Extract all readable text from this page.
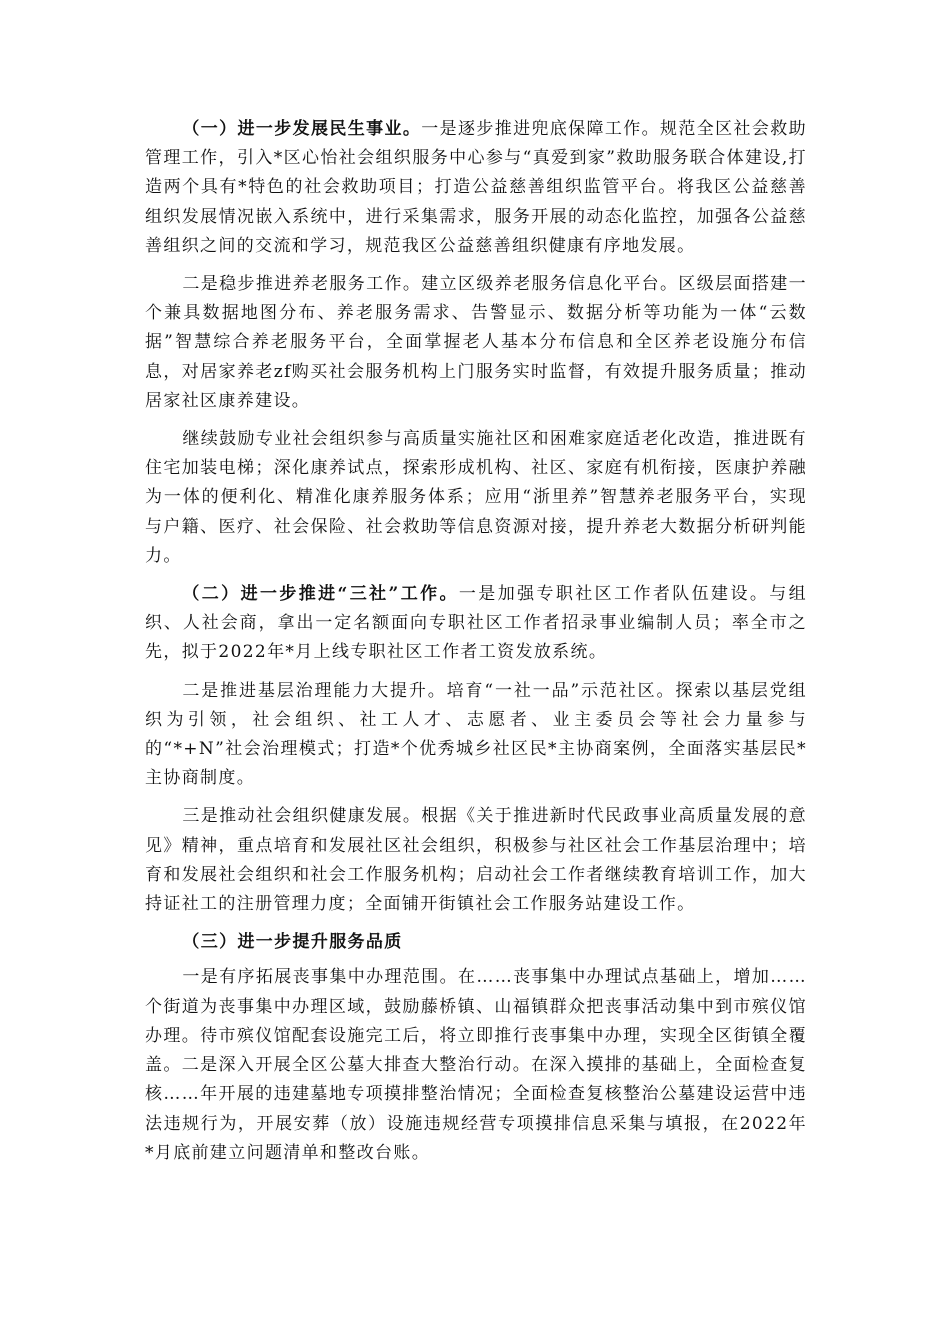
（一）进一步发展民生事业。一是逐步推进兜底保障工作。规范全区社会救助管理工作，引入*区心怡社会组织服务中心参与“真爱到家”救助服务联合体建设,打造两个具有*特色的社会救助项目；打造公益慈善组织监管平台。将我区公益慈善组织发展情况嵌入系统中，进行采集需求，服务开展的动态化监控，加强各公益慈善组织之间的交流和学习，规范我区公益慈善组织健康有序地发展。

二是稳步推进养老服务工作。建立区级养老服务信息化平台。区级层面搭建一个兼具数据地图分布、养老服务需求、告警显示、数据分析等功能为一体“云数据”智慧综合养老服务平台，全面掌握老人基本分布信息和全区养老设施分布信息，对居家养老zf购买社会服务机构上门服务实时监督，有效提升服务质量；推动居家社区康养建设。

继续鼓励专业社会组织参与高质量实施社区和困难家庭适老化改造，推进既有住宅加装电梯；深化康养试点，探索形成机构、社区、家庭有机衔接，医康护养融为一体的便利化、精准化康养服务体系；应用“浙里养”智慧养老服务平台，实现与户籍、医疗、社会保险、社会救助等信息资源对接，提升养老大数据分析研判能力。

（二）进一步推进“三社”工作。一是加强专职社区工作者队伍建设。与组织、人社会商，拿出一定名额面向专职社区工作者招录事业编制人员；率全市之先，拟于2022年*月上线专职社区工作者工资发放系统。

二是推进基层治理能力大提升。培育“一社一品”示范社区。探索以基层党组织为引领，社会组织、社工人才、志愿者、业主委员会等社会力量参与的“*+N”社会治理模式；打造*个优秀城乡社区民*主协商案例，全面落实基层民*主协商制度。

三是推动社会组织健康发展。根据《关于推进新时代民政事业高质量发展的意见》精神，重点培育和发展社区社会组织，积极参与社区社会工作基层治理中；培育和发展社会组织和社会工作服务机构；启动社会工作者继续教育培训工作，加大持证社工的注册管理力度；全面铺开街镇社会工作服务站建设工作。

（三）进一步提升服务品质

一是有序拓展丧事集中办理范围。在……丧事集中办理试点基础上，增加……个街道为丧事集中办理区域，鼓励藤桥镇、山福镇群众把丧事活动集中到市殡仪馆办理。待市殡仪馆配套设施完工后，将立即推行丧事集中办理，实现全区街镇全覆盖。二是深入开展全区公墓大排查大整治行动。在深入摸排的基础上，全面检查复核……年开展的违建墓地专项摸排整治情况；全面检查复核整治公墓建设运营中违法违规行为，开展安葬（放）设施违规经营专项摸排信息采集与填报，在2022年*月底前建立问题清单和整改台账。
